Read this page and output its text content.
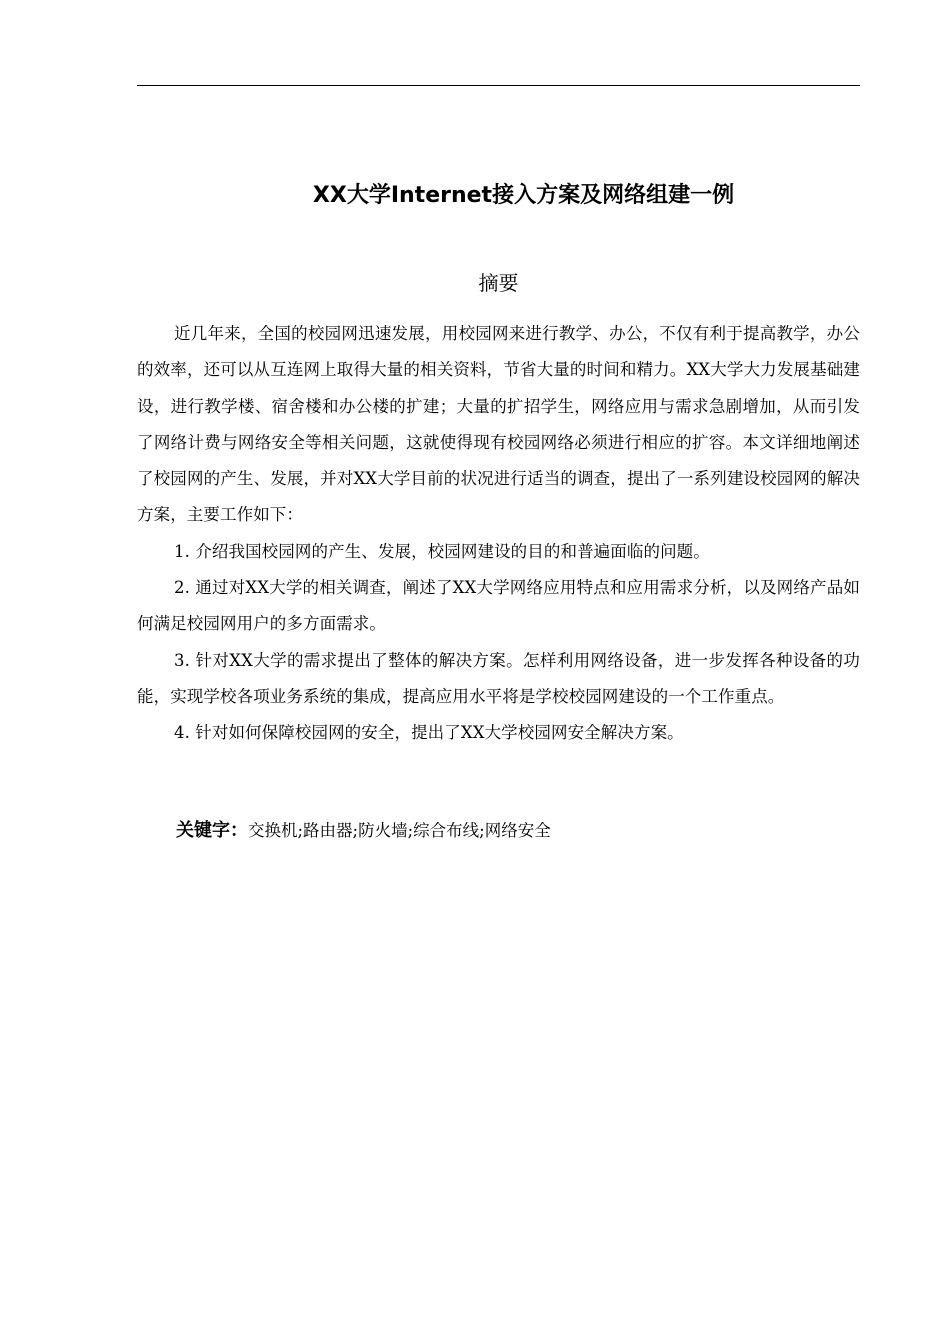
XX大学Internet接入方案及网络组建一例
摘要

近几年来，全国的校园网迅速发展，用校园网来进行教学、办公，不仅有利于提高教学，办公的效率，还可以从互连网上取得大量的相关资料，节省大量的时间和精力。XX大学大力发展基础建设，进行教学楼、宿舍楼和办公楼的扩建；大量的扩招学生，网络应用与需求急剧增加，从而引发了网络计费与网络安全等相关问题，这就使得现有校园网络必须进行相应的扩容。本文详细地阐述了校园网的产生、发展，并对XX大学目前的状况进行适当的调查，提出了一系列建设校园网的解决方案，主要工作如下：

1. 介绍我国校园网的产生、发展，校园网建设的目的和普遍面临的问题。

2. 通过对XX大学的相关调查，阐述了XX大学网络应用特点和应用需求分析，以及网络产品如何满足校园网用户的多方面需求。

3. 针对XX大学的需求提出了整体的解决方案。怎样利用网络设备，进一步发挥各种设备的功能，实现学校各项业务系统的集成，提高应用水平将是学校校园网建设的一个工作重点。

4. 针对如何保障校园网的安全，提出了XX大学校园网安全解决方案。

关键字：交换机;路由器;防火墙;综合布线;网络安全
